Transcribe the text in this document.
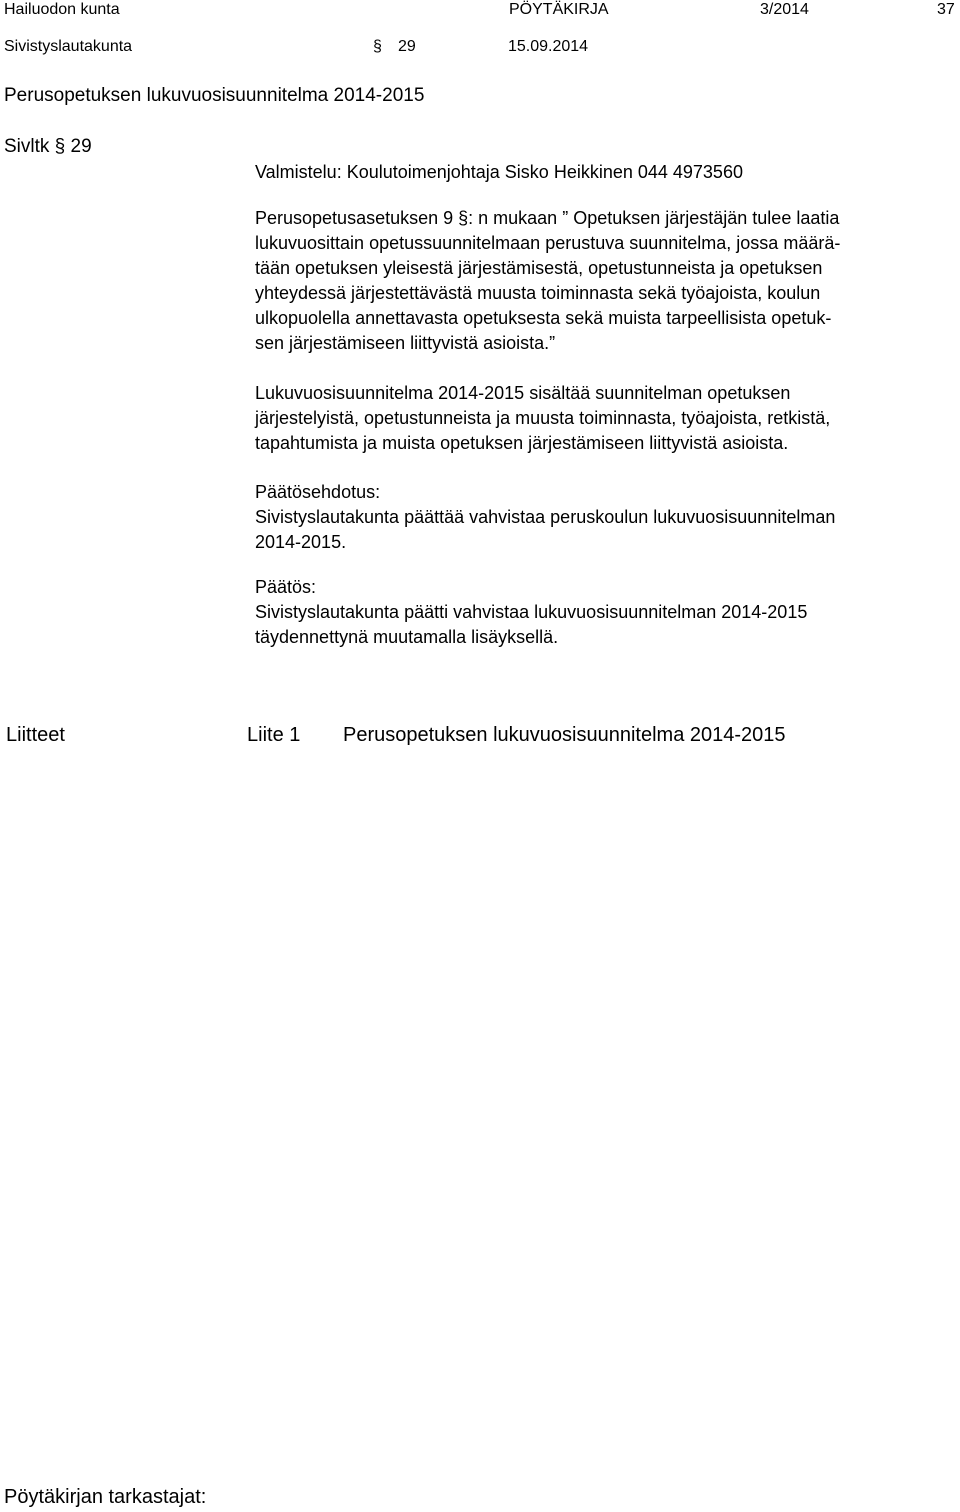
Hailuodon kunta	PÖYTÄKIRJA	3/2014	37
Sivistyslautakunta	§ 29	15.09.2014
Perusopetuksen lukuvuosisuunnitelma 2014-2015
Sivltk § 29
Valmistelu: Koulutoimenjohtaja Sisko Heikkinen 044 4973560
Perusopetusasetuksen 9 §: n mukaan ” Opetuksen järjestäjän tulee laatia
lukuvuosittain opetussuunnitelmaan perustuva suunnitelma, jossa määrä-
tään opetuksen yleisestä järjestämisestä, opetustunneista ja opetuksen
yhteydessä järjestettävästä muusta toiminnasta sekä työajoista, koulun
ulkopuolella annettavasta opetuksesta sekä muista tarpeellisista opetuk-
sen järjestämiseen liittyvistä asioista.”
Lukuvuosisuunnitelma 2014-2015 sisältää suunnitelman opetuksen
järjestelyistä, opetustunneista ja muusta toiminnasta, työajoista, retkistä,
tapahtumista ja muista opetuksen järjestämiseen liittyvistä asioista.
Päätösehdotus:
Sivistyslautakunta päättää vahvistaa peruskoulun lukuvuosisuunnitelman
2014-2015.
Päätös:
Sivistyslautakunta päätti vahvistaa lukuvuosisuunnitelman 2014-2015
täydennettynä muutamalla lisäyksellä.
Liitteet	Liite 1 Perusopetuksen lukuvuosisuunnitelma 2014-2015
Pöytäkirjan tarkastajat:
